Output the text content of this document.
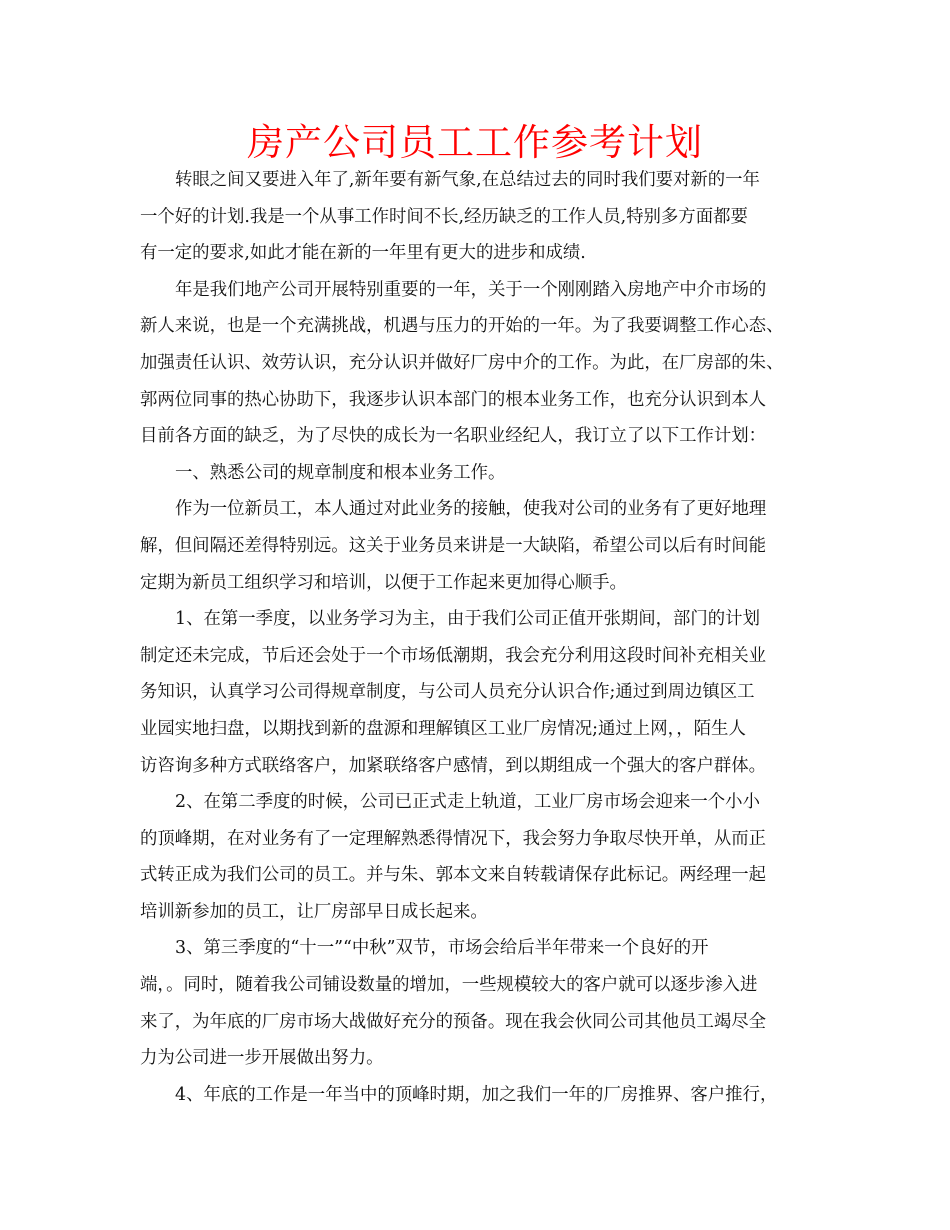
房产公司员工工作参考计划
转眼之间又要进入年了,新年要有新气象,在总结过去的同时我们要对新的一年
一个好的计划.我是一个从事工作时间不长,经历缺乏的工作人员,特别多方面都要
有一定的要求,如此才能在新的一年里有更大的进步和成绩.
年是我们地产公司开展特别重要的一年，关于一个刚刚踏入房地产中介市场的
新人来说，也是一个充满挑战，机遇与压力的开始的一年。为了我要调整工作心态、
加强责任认识、效劳认识，充分认识并做好厂房中介的工作。为此，在厂房部的朱、
郭两位同事的热心协助下，我逐步认识本部门的根本业务工作，也充分认识到本人
目前各方面的缺乏，为了尽快的成长为一名职业经纪人，我订立了以下工作计划：
一、熟悉公司的规章制度和根本业务工作。
作为一位新员工，本人通过对此业务的接触，使我对公司的业务有了更好地理
解，但间隔还差得特别远。这关于业务员来讲是一大缺陷，希望公司以后有时间能
定期为新员工组织学习和培训，以便于工作起来更加得心顺手。
1、在第一季度，以业务学习为主，由于我们公司正值开张期间，部门的计划
制定还未完成，节后还会处于一个市场低潮期，我会充分利用这段时间补充相关业
务知识，认真学习公司得规章制度，与公司人员充分认识合作;通过到周边镇区工
业园实地扫盘，以期找到新的盘源和理解镇区工业厂房情况;通过上网，，陌生人
访咨询多种方式联络客户，加紧联络客户感情，到以期组成一个强大的客户群体。
2、在第二季度的时候，公司已正式走上轨道，工业厂房市场会迎来一个小小
的顶峰期，在对业务有了一定理解熟悉得情况下，我会努力争取尽快开单，从而正
式转正成为我们公司的员工。并与朱、郭本文来自转载请保存此标记。两经理一起
培训新参加的员工，让厂房部早日成长起来。
3、第三季度的“十一”“中秋”双节，市场会给后半年带来一个良好的开
端，。同时，随着我公司铺设数量的增加，一些规模较大的客户就可以逐步渗入进
来了，为年底的厂房市场大战做好充分的预备。现在我会伙同公司其他员工竭尽全
力为公司进一步开展做出努力。
4、年底的工作是一年当中的顶峰时期，加之我们一年的厂房推界、客户推行，
